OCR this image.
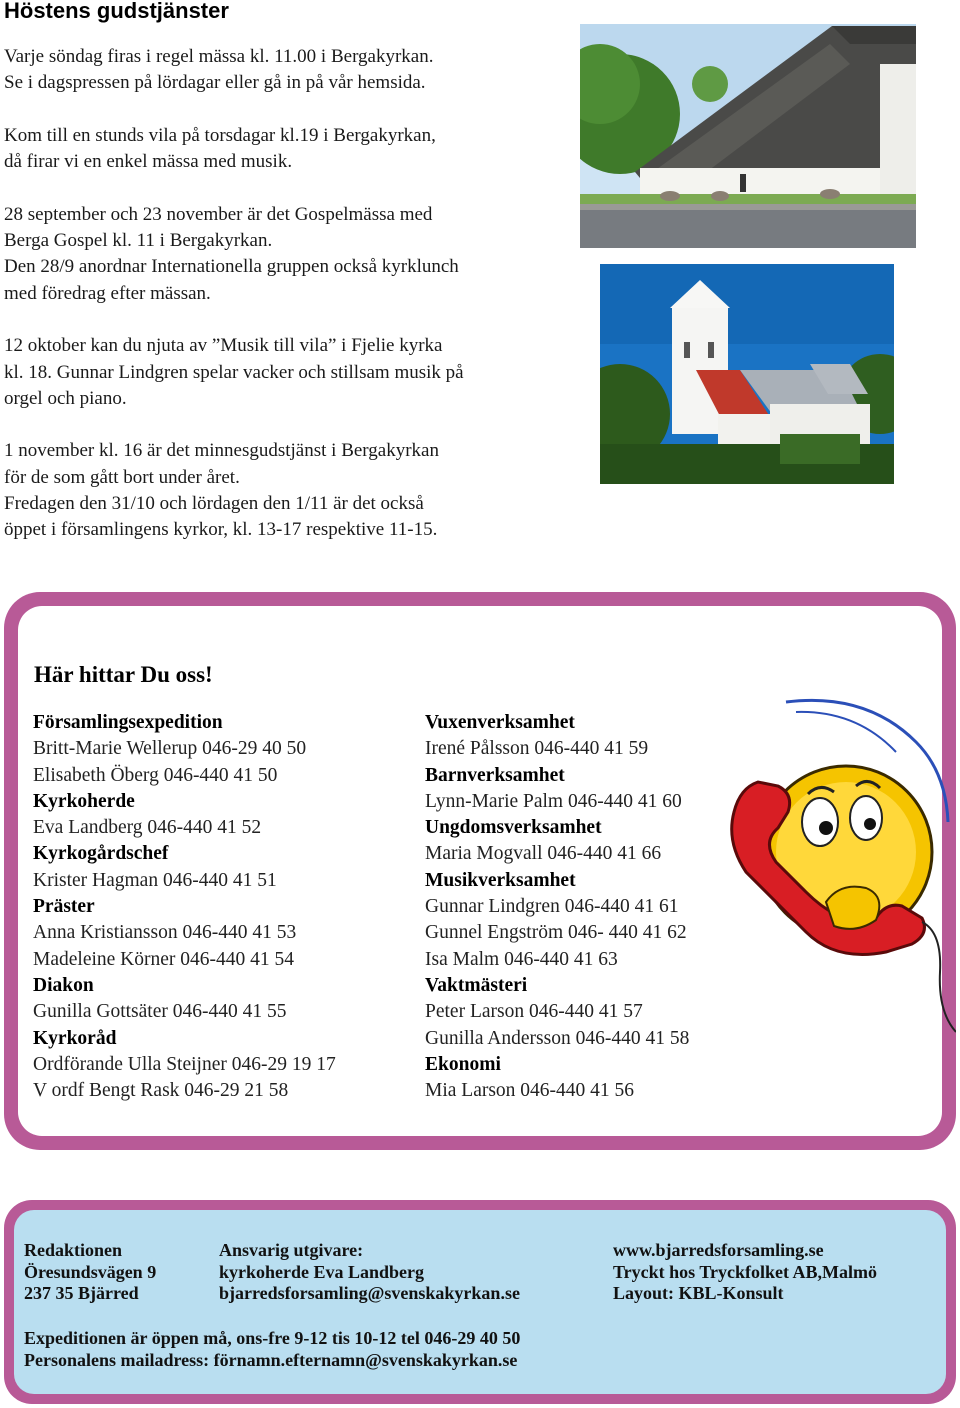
Höstens gudstjänster

Varje söndag firas i regel mässa kl. 11.00 i Bergakyrkan.
Se i dagspressen på lördagar eller gå in på vår hemsida.

Kom till en stunds vila på torsdagar kl.19 i Bergakyrkan,
då firar vi en enkel mässa med musik.

28 september och 23 november är det Gospelmässa med
Berga Gospel kl. 11 i Bergakyrkan.
Den 28/9 anordnar Internationella gruppen också kyrklunch
med föredrag efter mässan.

12 oktober kan du njuta av ”Musik till vila” i Fjelie kyrka
kl. 18. Gunnar Lindgren spelar vacker och stillsam musik på
orgel och piano.

1 november kl. 16 är det minnesgudstjänst i Bergakyrkan
för de som gått bort under året.
Fredagen den 31/10 och lördagen den 1/11 är det också
öppet i församlingens kyrkor, kl. 13-17 respektive 11-15.

Här hittar Du oss!
Församlingsexpedition
Britt-Marie Wellerup 046-29 40 50
Elisabeth Öberg 046-440 41 50
Kyrkoherde
Eva Landberg 046-440 41 52
Kyrkogårdschef
Krister Hagman 046-440 41 51
Präster
Anna Kristiansson 046-440 41 53
Madeleine Körner 046-440 41 54
Diakon
Gunilla Gottsäter 046-440 41 55
Kyrkoråd
Ordförande Ulla Steijner 046-29 19 17
V ordf Bengt Rask 046-29 21 58
Vuxenverksamhet
Irené Pålsson 046-440 41 59
Barnverksamhet
Lynn-Marie Palm 046-440 41 60
Ungdomsverksamhet
Maria Mogvall 046-440 41 66
Musikverksamhet
Gunnar Lindgren 046-440 41 61
Gunnel Engström 046- 440 41 62
Isa Malm 046-440 41 63
Vaktmästeri
Peter Larson 046-440 41 57
Gunilla Andersson 046-440 41 58
Ekonomi
Mia Larson 046-440 41 56
Redaktionen
Öresundsvägen 9
237 35 Bjärred
Ansvarig utgivare:
kyrkoherde Eva Landberg
bjarredsforsamling@svenskakyrkan.se
www.bjarredsforsamling.se
Tryckt hos Tryckfolket AB,Malmö
Layout: KBL-Konsult
Expeditionen är öppen må, ons-fre 9-12 tis 10-12 tel 046-29 40 50
Personalens mailadress: förnamn.efternamn@svenskakyrkan.se
